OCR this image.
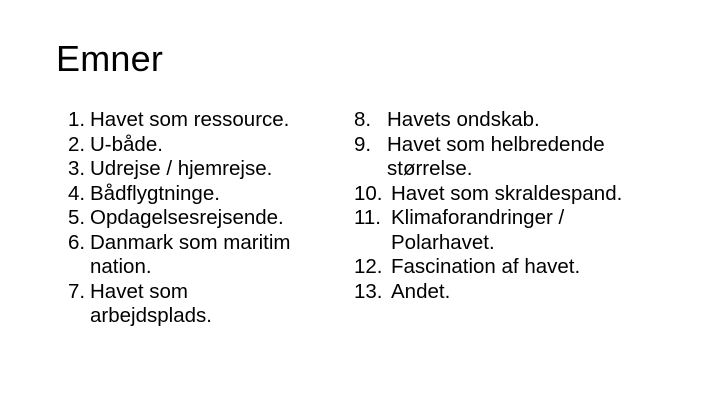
Emner
1. Havet som ressource.
2. U-både.
3. Udrejse / hjemrejse.
4. Bådflygtninge.
5. Opdagelsesrejsende.
6. Danmark som maritim nation.
7. Havet som arbejdsplads.
8. Havets ondskab.
9. Havet som helbredende størrelse.
10. Havet som skraldespand.
11. Klimaforandringer / Polarhavet.
12. Fascination af havet.
13. Andet.
